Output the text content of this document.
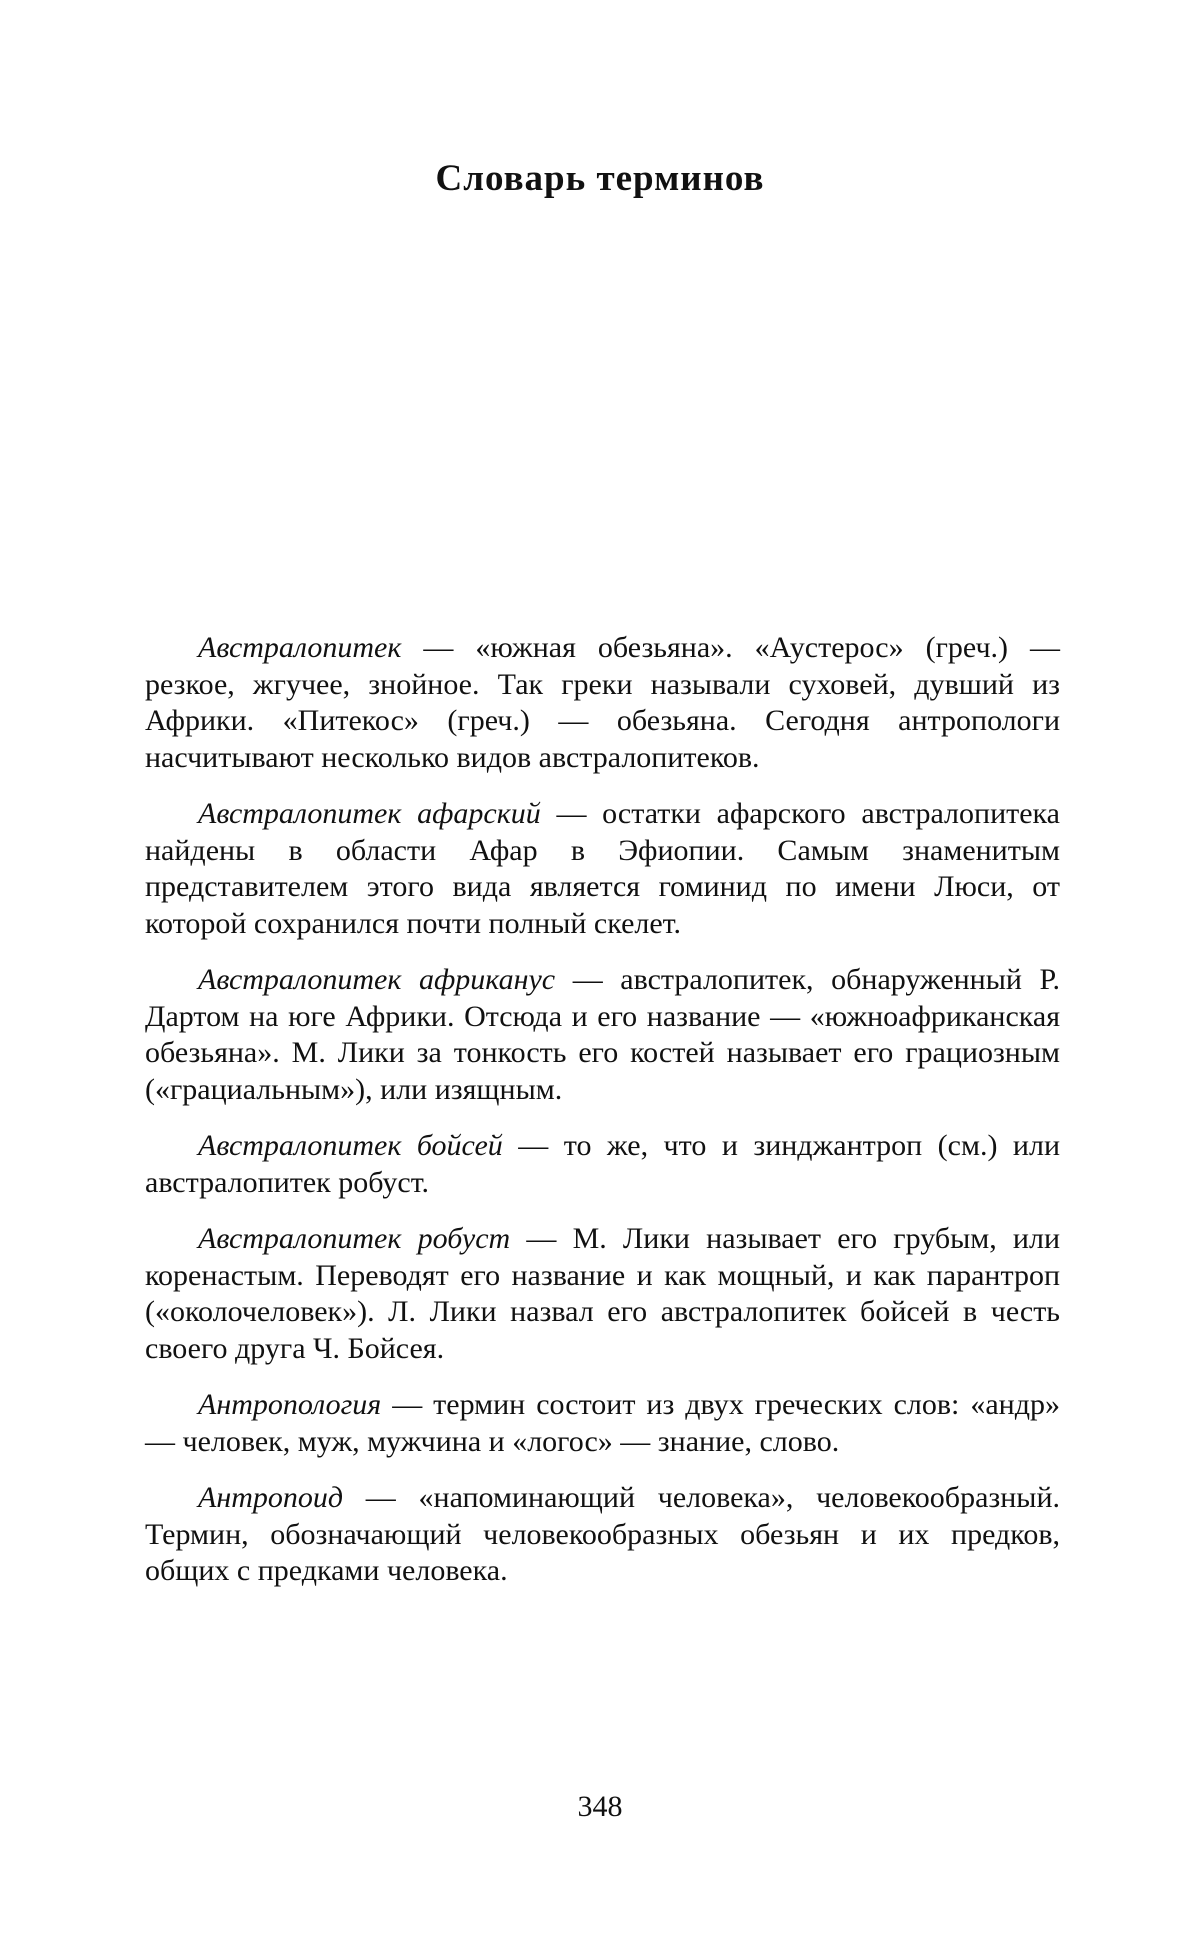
Словарь терминов

Австралопитек — «южная обезьяна». «Аустерос» (греч.) — резкое, жгучее, знойное. Так греки называли суховей, дувший из Африки. «Питекос» (греч.) — обезьяна. Сегодня антропологи насчитывают несколько видов австралопитеков.

Австралопитек афарский — остатки афарского австралопитека найдены в области Афар в Эфиопии. Самым знаменитым представителем этого вида является гоминид по имени Люси, от которой сохранился почти полный скелет.

Австралопитек африканус — австралопитек, обнаруженный Р. Дартом на юге Африки. Отсюда и его название — «южноафриканская обезьяна». М. Лики за тонкость его костей называет его грациозным («грациальным»), или изящным.

Австралопитек бойсей — то же, что и зинджантроп (см.) или австралопитек робуст.

Австралопитек робуст — М. Лики называет его грубым, или коренастым. Переводят его название и как мощный, и как парантроп («околочеловек»). Л. Лики назвал его австралопитек бойсей в честь своего друга Ч. Бойсея.

Антропология — термин состоит из двух греческих слов: «андр» — человек, муж, мужчина и «логос» — знание, слово.

Антропоид — «напоминающий человека», человекообразный. Термин, обозначающий человекообразных обезьян и их предков, общих с предками человека.

348
